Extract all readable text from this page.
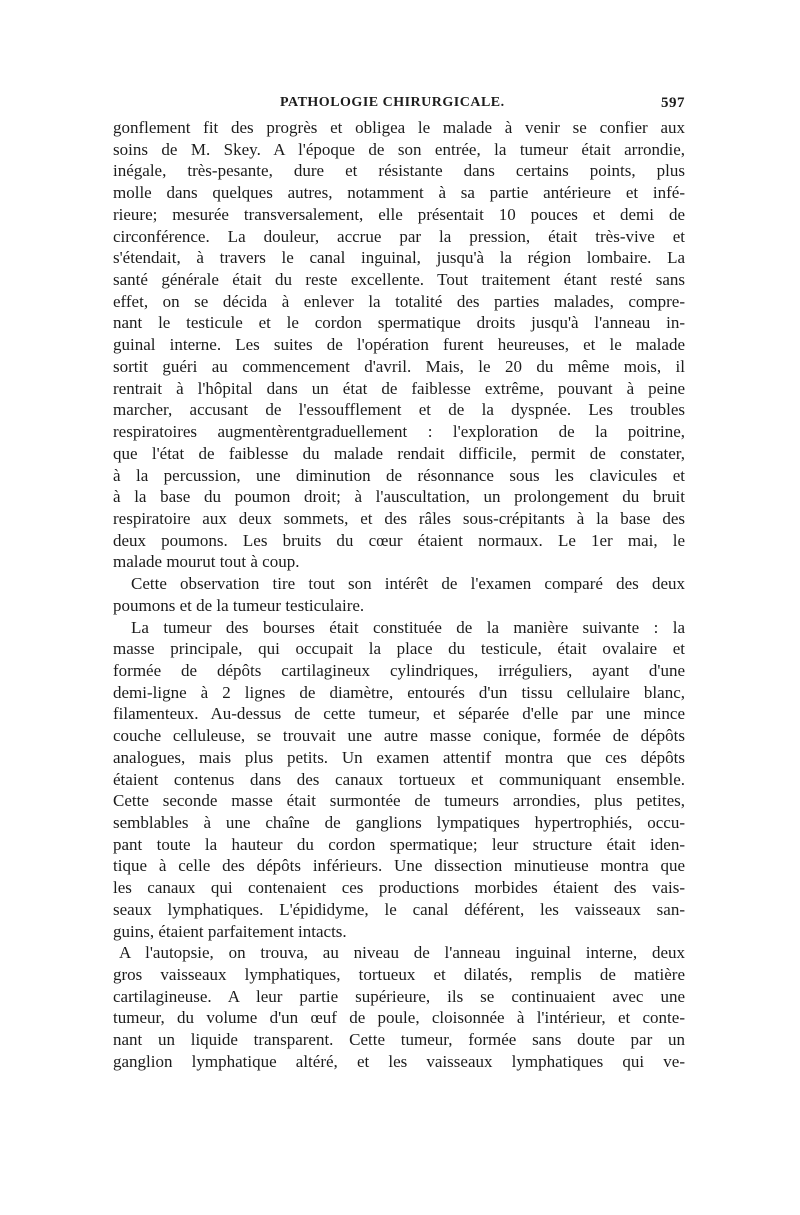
PATHOLOGIE CHIRURGICALE.	597
gonflement fit des progrès et obligea le malade à venir se confier aux
soins de M. Skey. A l'époque de son entrée, la tumeur était arrondie,
inégale, très-pesante, dure et résistante dans certains points, plus
molle dans quelques autres, notamment à sa partie antérieure et infé-
rieure; mesurée transversalement, elle présentait 10 pouces et demi de
circonférence. La douleur, accrue par la pression, était très-vive et
s'étendait, à travers le canal inguinal, jusqu'à la région lombaire. La
santé générale était du reste excellente. Tout traitement étant resté sans
effet, on se décida à enlever la totalité des parties malades, compre-
nant le testicule et le cordon spermatique droits jusqu'à l'anneau in-
guinal interne. Les suites de l'opération furent heureuses, et le malade
sortit guéri au commencement d'avril. Mais, le 20 du même mois, il
rentrait à l'hôpital dans un état de faiblesse extrême, pouvant à peine
marcher, accusant de l'essoufflement et de la dyspnée. Les troubles
respiratoires augmentèrentgraduellement : l'exploration de la poitrine,
que l'état de faiblesse du malade rendait difficile, permit de constater,
à la percussion, une diminution de résonnance sous les clavicules et
à la base du poumon droit; à l'auscultation, un prolongement du bruit
respiratoire aux deux sommets, et des râles sous-crépitants à la base des
deux poumons. Les bruits du cœur étaient normaux. Le 1er mai, le
malade mourut tout à coup.
Cette observation tire tout son intérêt de l'examen comparé des deux
poumons et de la tumeur testiculaire.
La tumeur des bourses était constituée de la manière suivante : la
masse principale, qui occupait la place du testicule, était ovalaire et
formée de dépôts cartilagineux cylindriques, irréguliers, ayant d'une
demi-ligne à 2 lignes de diamètre, entourés d'un tissu cellulaire blanc,
filamenteux. Au-dessus de cette tumeur, et séparée d'elle par une mince
couche celluleuse, se trouvait une autre masse conique, formée de dépôts
analogues, mais plus petits. Un examen attentif montra que ces dépôts
étaient contenus dans des canaux tortueux et communiquant ensemble.
Cette seconde masse était surmontée de tumeurs arrondies, plus petites,
semblables à une chaîne de ganglions lympatiques hypertrophiés, occu-
pant toute la hauteur du cordon spermatique; leur structure était iden-
tique à celle des dépôts inférieurs. Une dissection minutieuse montra que
les canaux qui contenaient ces productions morbides étaient des vais-
seaux lymphatiques. L'épididyme, le canal déférent, les vaisseaux san-
guins, étaient parfaitement intacts.
A l'autopsie, on trouva, au niveau de l'anneau inguinal interne, deux
gros vaisseaux lymphatiques, tortueux et dilatés, remplis de matière
cartilagineuse. A leur partie supérieure, ils se continuaient avec une
tumeur, du volume d'un œuf de poule, cloisonnée à l'intérieur, et conte-
nant un liquide transparent. Cette tumeur, formée sans doute par un
ganglion lymphatique altéré, et les vaisseaux lymphatiques qui ve-
